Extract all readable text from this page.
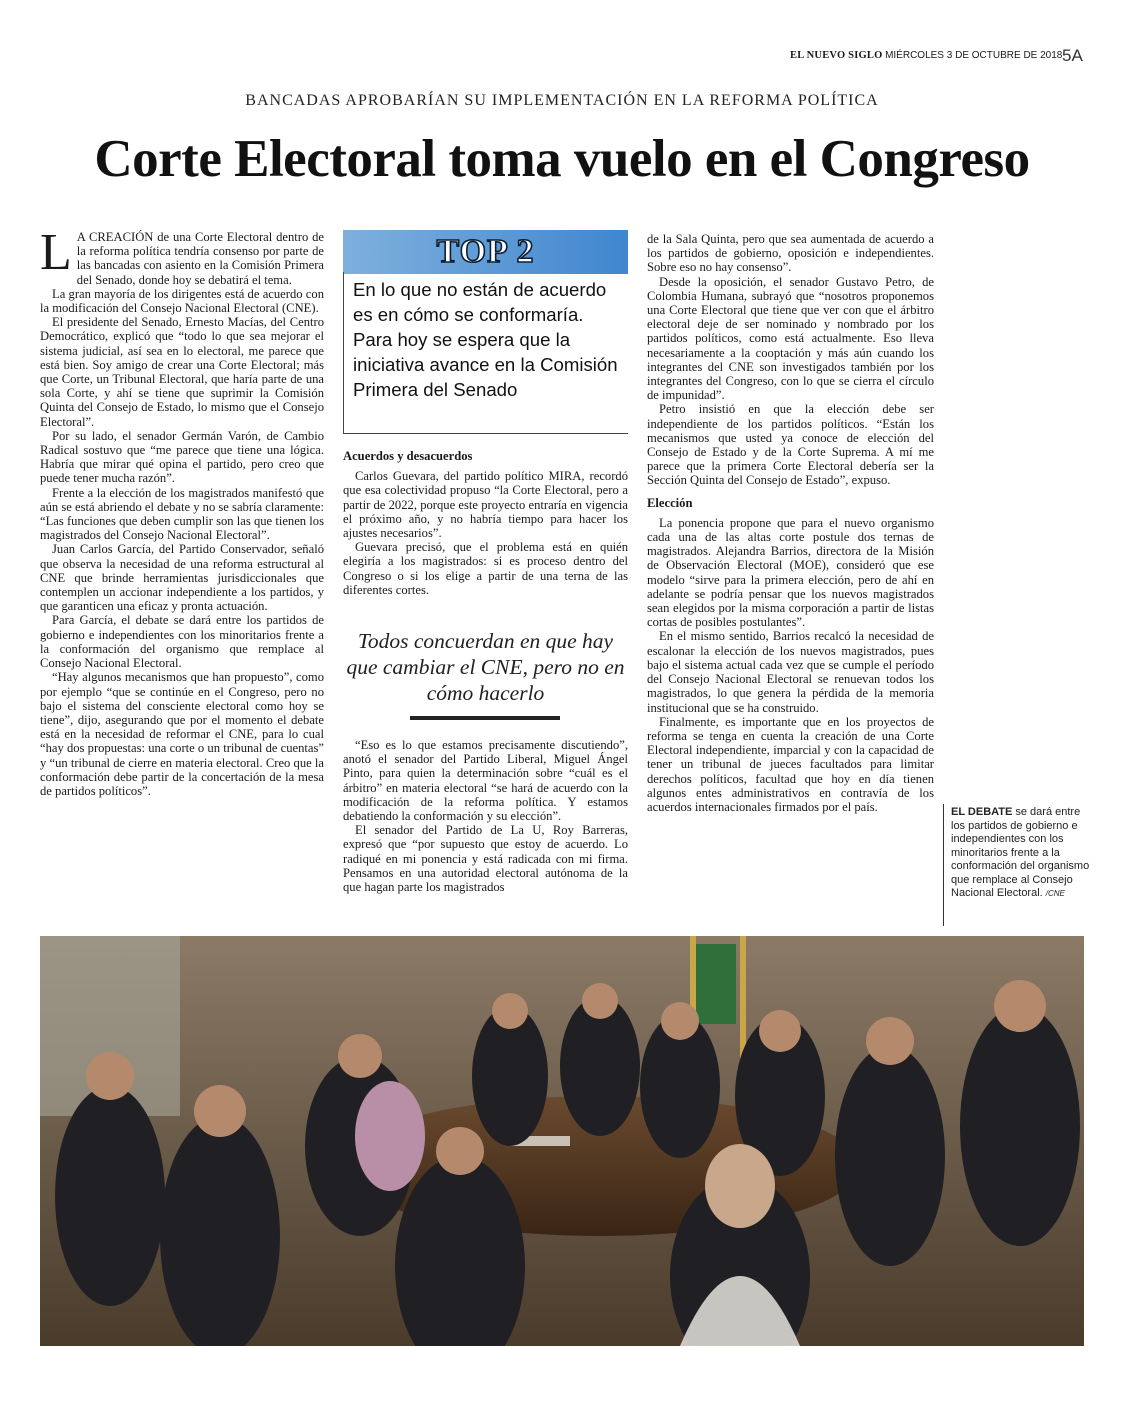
EL NUEVO SIGLO MIÉRCOLES 3 DE OCTUBRE DE 2018 5A
BANCADAS APROBARÍAN SU IMPLEMENTACIÓN EN LA REFORMA POLÍTICA
Corte Electoral toma vuelo en el Congreso

L A CREACIÓN de una Corte Electoral dentro de la reforma política tendría consenso por parte de las bancadas con asiento en la Comisión Primera del Senado, donde hoy se debatirá el tema.

La gran mayoría de los dirigentes está de acuerdo con la modificación del Consejo Nacional Electoral (CNE).

El presidente del Senado, Ernesto Macías, del Centro Democrático, explicó que “todo lo que sea mejorar el sistema judicial, así sea en lo electoral, me parece que está bien. Soy amigo de crear una Corte Electoral; más que Corte, un Tribunal Electoral, que haría parte de una sola Corte, y ahí se tiene que suprimir la Comisión Quinta del Consejo de Estado, lo mismo que el Consejo Electoral”.

Por su lado, el senador Germán Varón, de Cambio Radical sostuvo que “me parece que tiene una lógica. Habría que mirar qué opina el partido, pero creo que puede tener mucha razón”.

Frente a la elección de los magistrados manifestó que aún se está abriendo el debate y no se sabría claramente: “Las funciones que deben cumplir son las que tienen los magistrados del Consejo Nacional Electoral”.

Juan Carlos García, del Partido Conservador, señaló que observa la necesidad de una reforma estructural al CNE que brinde herramientas jurisdiccionales que contemplen un accionar independiente a los partidos, y que garanticen una eficaz y pronta actuación.

Para García, el debate se dará entre los partidos de gobierno e independientes con los minoritarios frente a la conformación del organismo que remplace al Consejo Nacional Electoral.

“Hay algunos mecanismos que han propuesto”, como por ejemplo “que se continúe en el Congreso, pero no bajo el sistema del consciente electoral como hoy se tiene”, dijo, asegurando que por el momento el debate está en la necesidad de reformar el CNE, para lo cual “hay dos propuestas: una corte o un tribunal de cuentas” y “un tribunal de cierre en materia electoral. Creo que la conformación debe partir de la concertación de la mesa de partidos políticos”.

TOP 2
En lo que no están de acuerdo es en cómo se conformaría. Para hoy se espera que la iniciativa avance en la Comisión Primera del Senado
Acuerdos y desacuerdos

Carlos Guevara, del partido político MIRA, recordó que esa colectividad propuso “la Corte Electoral, pero a partir de 2022, porque este proyecto entraría en vigencia el próximo año, y no habría tiempo para hacer los ajustes necesarios”.

Guevara precisó, que el problema está en quién elegiría a los magistrados: si es proceso dentro del Congreso o si los elige a partir de una terna de las diferentes cortes.

Todos concuerdan en que hay que cambiar el CNE, pero no en cómo hacerlo

“Eso es lo que estamos precisamente discutiendo”, anotó el senador del Partido Liberal, Miguel Ángel Pinto, para quien la determinación sobre “cuál es el árbitro” en materia electoral “se hará de acuerdo con la modificación de la reforma política. Y estamos debatiendo la conformación y su elección”.

El senador del Partido de La U, Roy Barreras, expresó que “por supuesto que estoy de acuerdo. Lo radiqué en mi ponencia y está radicada con mi firma. Pensamos en una autoridad electoral autónoma de la que hagan parte los magistrados

de la Sala Quinta, pero que sea aumentada de acuerdo a los partidos de gobierno, oposición e independientes. Sobre eso no hay consenso”.

Desde la oposición, el senador Gustavo Petro, de Colombia Humana, subrayó que “nosotros proponemos una Corte Electoral que tiene que ver con que el árbitro electoral deje de ser nominado y nombrado por los partidos políticos, como está actualmente. Eso lleva necesariamente a la cooptación y más aún cuando los integrantes del CNE son investigados también por los integrantes del Congreso, con lo que se cierra el círculo de impunidad”.

Petro insistió en que la elección debe ser independiente de los partidos políticos. “Están los mecanismos que usted ya conoce de elección del Consejo de Estado y de la Corte Suprema. A mí me parece que la primera Corte Electoral debería ser la Sección Quinta del Consejo de Estado”, expuso.

Elección

La ponencia propone que para el nuevo organismo cada una de las altas corte postule dos ternas de magistrados. Alejandra Barrios, directora de la Misión de Observación Electoral (MOE), consideró que ese modelo “sirve para la primera elección, pero de ahí en adelante se podría pensar que los nuevos magistrados sean elegidos por la misma corporación a partir de listas cortas de posibles postulantes”.

En el mismo sentido, Barrios recalcó la necesidad de escalonar la elección de los nuevos magistrados, pues bajo el sistema actual cada vez que se cumple el período del Consejo Nacional Electoral se renuevan todos los magistrados, lo que genera la pérdida de la memoria institucional que se ha construido.

Finalmente, es importante que en los proyectos de reforma se tenga en cuenta la creación de una Corte Electoral independiente, imparcial y con la capacidad de tener un tribunal de jueces facultados para limitar derechos políticos, facultad que hoy en día tienen algunos entes administrativos en contravía de los acuerdos internacionales firmados por el país.	EL DEBATE se dará entre los partidos de gobierno e independientes con los minoritarios frente a la conformación del organismo que remplace al Consejo Nacional Electoral. /CNE
